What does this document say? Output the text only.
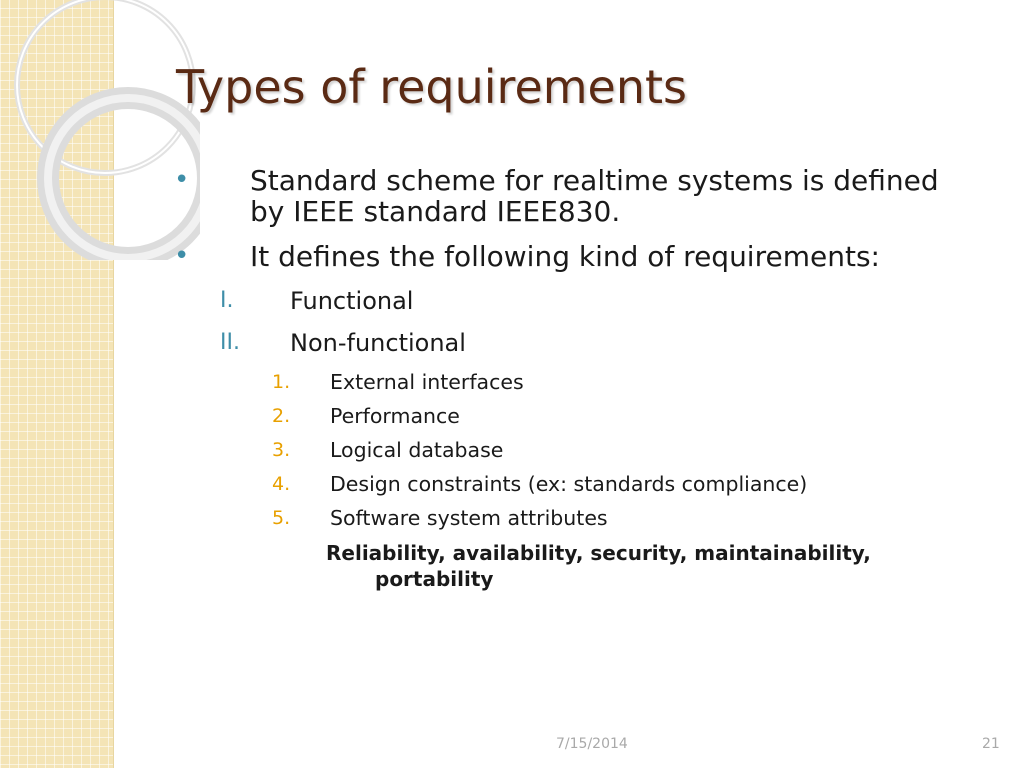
Types of requirements
•	Standard scheme for realtime systems is defined by IEEE standard IEEE830.
•	It defines the following kind of requirements:
I.	Functional
II.	Non-functional
1.	External interfaces
2.	Performance
3.	Logical database
4.	Design constraints (ex: standards compliance)
5.	Software system attributes
Reliability, availability, security, maintainability,
portability
7/15/2014	21
